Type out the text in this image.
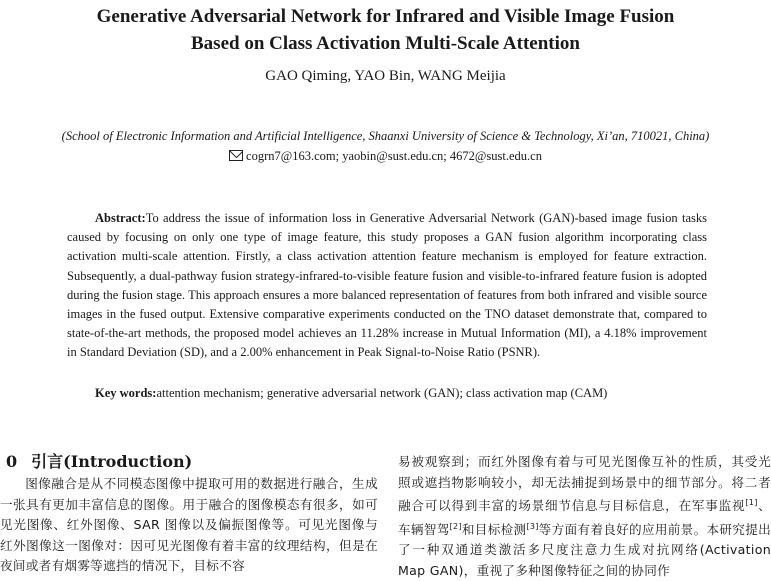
Generative Adversarial Network for Infrared and Visible Image Fusion
Based on Class Activation Multi-Scale Attention
GAO Qiming, YAO Bin, WANG Meijia
(School of Electronic Information and Artificial Intelligence, Shaanxi University of Science & Technology, Xi’an, 710021, China)
cogrn7@163.com; yaobin@sust.edu.cn; 4672@sust.edu.cn
Abstract:To address the issue of information loss in Generative Adversarial Network (GAN)-based image fusion tasks caused by focusing on only one type of image feature, this study proposes a GAN fusion algorithm incorporating class activation multi-scale attention. Firstly, a class activation attention feature mechanism is employed for feature extraction. Subsequently, a dual-pathway fusion strategy-infrared-to-visible feature fusion and visible-to-infrared feature fusion is adopted during the fusion stage. This approach ensures a more balanced representation of features from both infrared and visible source images in the fused output. Extensive comparative experiments conducted on the TNO dataset demonstrate that, compared to state-of-the-art methods, the proposed model achieves an 11.28% increase in Mutual Information (MI), a 4.18% improvement in Standard Deviation (SD), and a 2.00% enhancement in Peak Signal-to-Noise Ratio (PSNR).
Key words:attention mechanism; generative adversarial network (GAN); class activation map (CAM)
0 引言(Introduction)
图像融合是从不同模态图像中提取可用的数据进行融合，生成一张具有更加丰富信息的图像。用于融合的图像模态有很多，如可见光图像、红外图像、SAR 图像以及偏振图像等。可见光图像与红外图像这一图像对：因可见光图像有着丰富的纹理结构，但是在夜间或者有烟雾等遮挡的情况下，目标不容
易被观察到；而红外图像有着与可见光图像互补的性质，其受光照或遮挡物影响较小，却无法捕捉到场景中的细节部分。将二者融合可以得到丰富的场景细节信息与目标信息，在军事监视[1]、车辆智驾[2]和目标检测[3]等方面有着良好的应用前景。本研究提出了一种双通道类激活多尺度注意力生成对抗网络(Activation Map GAN)，重视了多种图像特征之间的协同作
